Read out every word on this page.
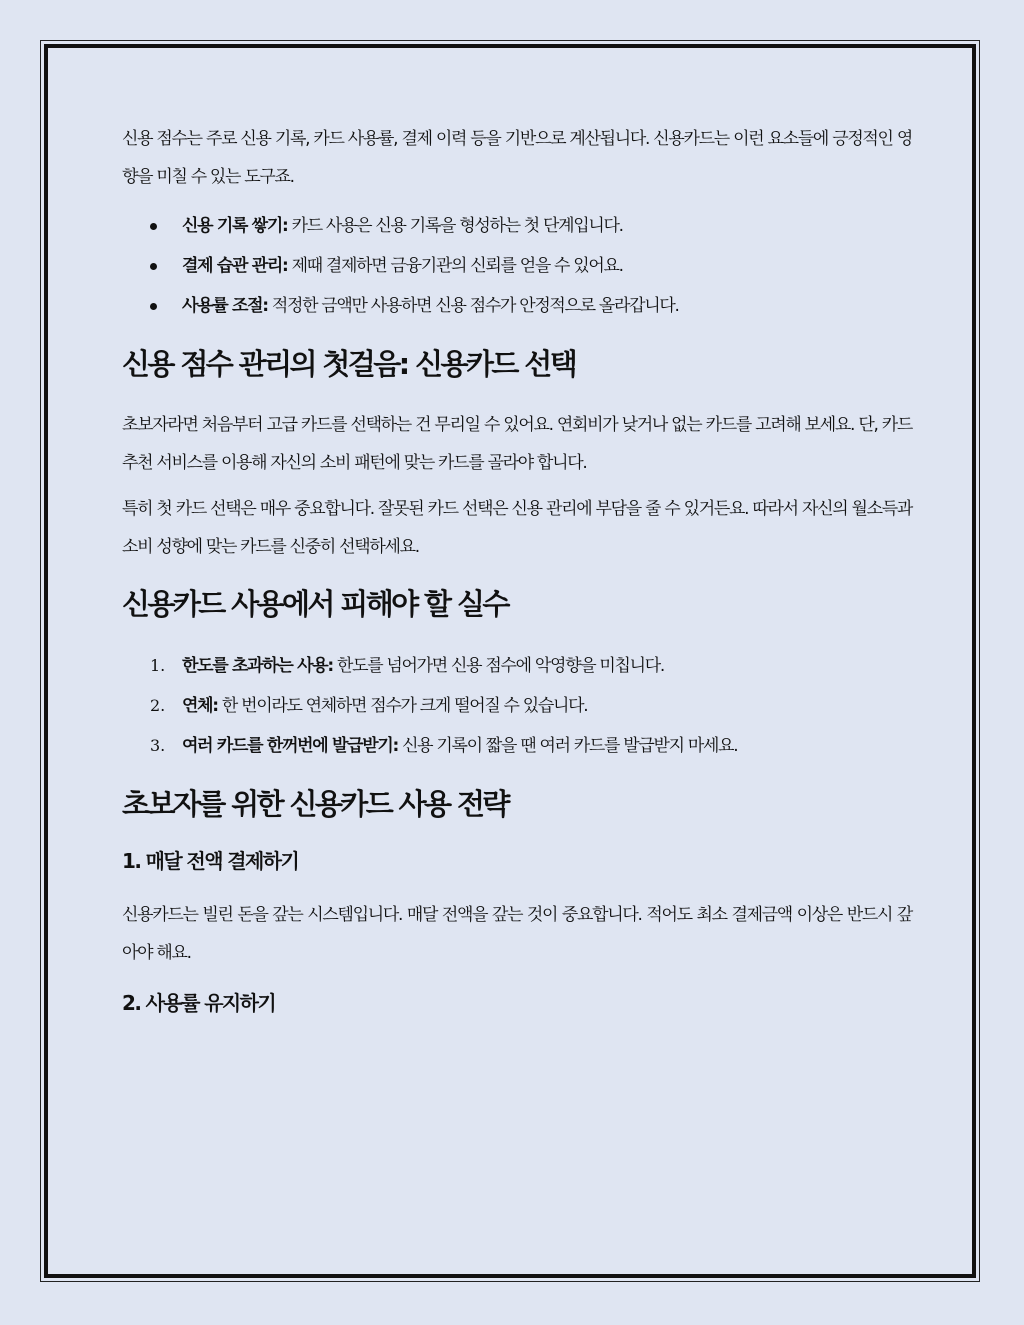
신용 점수는 주로 신용 기록, 카드 사용률, 결제 이력 등을 기반으로 계산됩니다. 신용카드는 이런 요소들에 긍정적인 영향을 미칠 수 있는 도구죠.

신용 기록 쌓기: 카드 사용은 신용 기록을 형성하는 첫 단계입니다.
결제 습관 관리: 제때 결제하면 금융기관의 신뢰를 얻을 수 있어요.
사용률 조절: 적정한 금액만 사용하면 신용 점수가 안정적으로 올라갑니다.
신용 점수 관리의 첫걸음: 신용카드 선택

초보자라면 처음부터 고급 카드를 선택하는 건 무리일 수 있어요. 연회비가 낮거나 없는 카드를 고려해 보세요. 단, 카드 추천 서비스를 이용해 자신의 소비 패턴에 맞는 카드를 골라야 합니다.

특히 첫 카드 선택은 매우 중요합니다. 잘못된 카드 선택은 신용 관리에 부담을 줄 수 있거든요. 따라서 자신의 월소득과 소비 성향에 맞는 카드를 신중히 선택하세요.

신용카드 사용에서 피해야 할 실수
1. 한도를 초과하는 사용: 한도를 넘어가면 신용 점수에 악영향을 미칩니다.
2. 연체: 한 번이라도 연체하면 점수가 크게 떨어질 수 있습니다.
3. 여러 카드를 한꺼번에 발급받기: 신용 기록이 짧을 땐 여러 카드를 발급받지 마세요.
초보자를 위한 신용카드 사용 전략
1. 매달 전액 결제하기

신용카드는 빌린 돈을 갚는 시스템입니다. 매달 전액을 갚는 것이 중요합니다. 적어도 최소 결제금액 이상은 반드시 갚아야 해요.

2. 사용률 유지하기
